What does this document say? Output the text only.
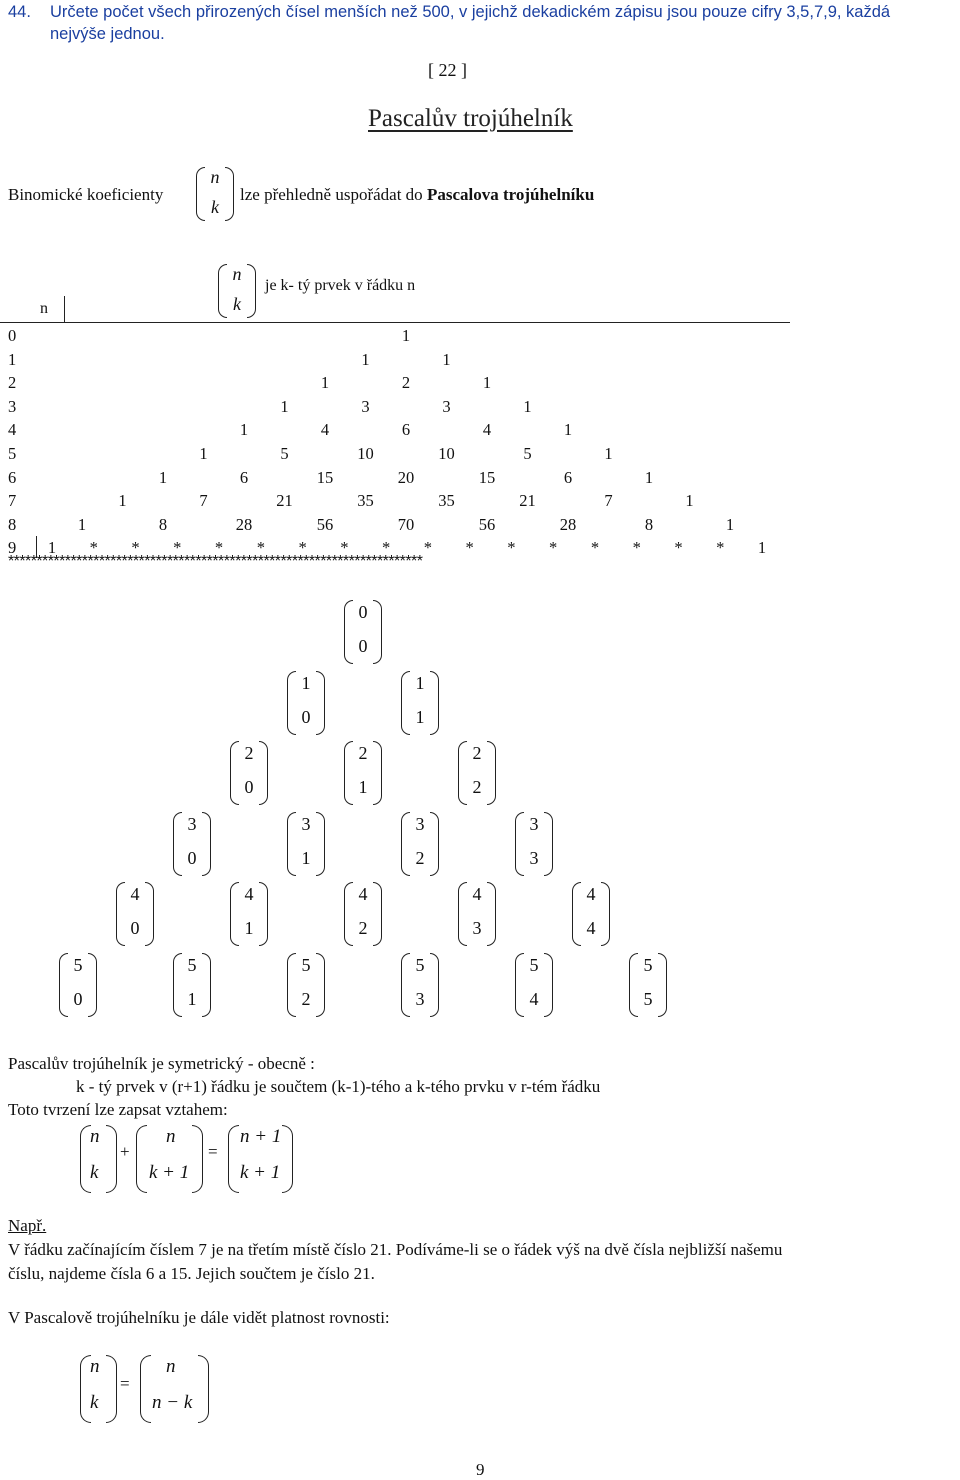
44. Určete počet všech přirozených čísel menších než 500, v jejichž dekadickém zápisu jsou pouze cifry 3,5,7,9, každá
nejvýše jednou.
[ 22 ]
Pascalův trojúhelník
Binomické koeficienty
n
k
lze přehledně uspořádat do Pascalova trojúhelníku
n
k
je k- tý prvek v řádku n
n
0	1
1	1	1
2	1	2	1
3	1	3	3	1
4	1	4	6	4	1
5	1	5	10	10	5	1
6	1	6	15	20	15	6	1
7	1	7	21	35	35	21	7	1
8	1	8	28	56	70	56	28	8	1
9	1	*	*	*	*	*	*	*	*	*	*	*	*	*	*	*	*	1
*************************************************************************
0
0
1
0
1
1
2
0
2
1
2
2
3
0
3
1
3
2
3
3
4
0
4
1
4
2
4
3
4
4
5
0
5
1
5
2
5
3
5
4
5
5
Pascalův trojúhelník je symetrický - obecně :
k - tý prvek v (r+1) řádku je součtem (k-1)-tého a k-tého prvku v r-tém řádku
Toto tvrzení lze zapsat vztahem:
n
k
+
n
k + 1
=
n + 1
k + 1
Např.
V řádku začínajícím číslem 7 je na třetím místě číslo 21. Podíváme-li se o řádek výš na dvě čísla nejbližší našemu
číslu, najdeme čísla 6 a 15. Jejich součtem je číslo 21.
V Pascalově trojúhelníku je dále vidět platnost rovnosti:
n
k
=
n
n − k
9
